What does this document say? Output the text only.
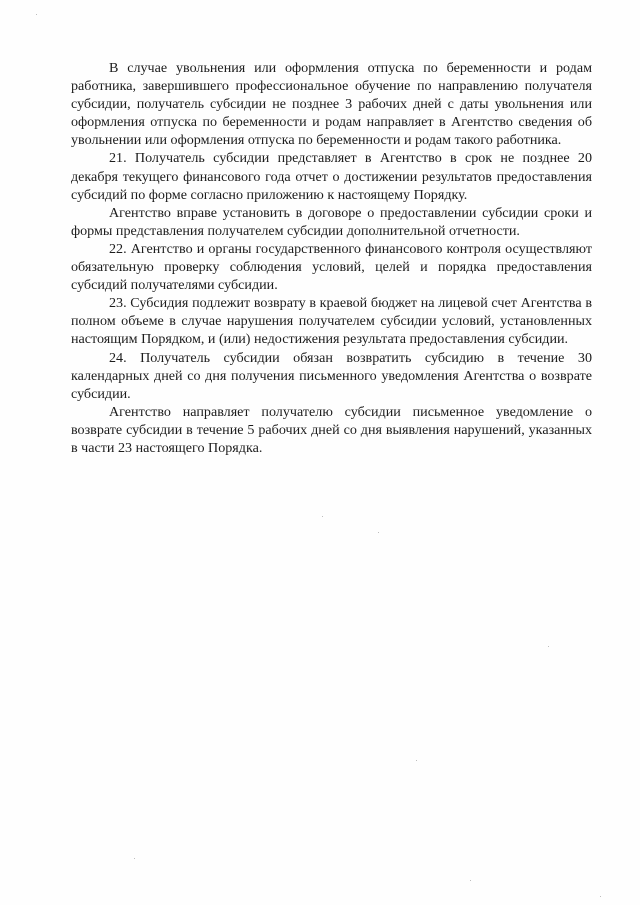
В случае увольнения или оформления отпуска по беременности и родам работника, завершившего профессиональное обучение по направлению получателя субсидии, получатель субсидии не позднее 3 рабочих дней с даты увольнения или оформления отпуска по беременности и родам направляет в Агентство сведения об увольнении или оформления отпуска по беременности и родам такого работника.

21. Получатель субсидии представляет в Агентство в срок не позднее 20 декабря текущего финансового года отчет о достижении результатов предоставления субсидий по форме согласно приложению к настоящему Порядку.

Агентство вправе установить в договоре о предоставлении субсидии сроки и формы представления получателем субсидии дополнительной отчетности.

22. Агентство и органы государственного финансового контроля осуществляют обязательную проверку соблюдения условий, целей и порядка предоставления субсидий получателями субсидии.

23. Субсидия подлежит возврату в краевой бюджет на лицевой счет Агентства в полном объеме в случае нарушения получателем субсидии условий, установленных настоящим Порядком, и (или) недостижения результата предоставления субсидии.

24. Получатель субсидии обязан возвратить субсидию в течение 30 календарных дней со дня получения письменного уведомления Агентства о возврате субсидии.

Агентство направляет получателю субсидии письменное уведомление о возврате субсидии в течение 5 рабочих дней со дня выявления нарушений, указанных в части 23 настоящего Порядка.
